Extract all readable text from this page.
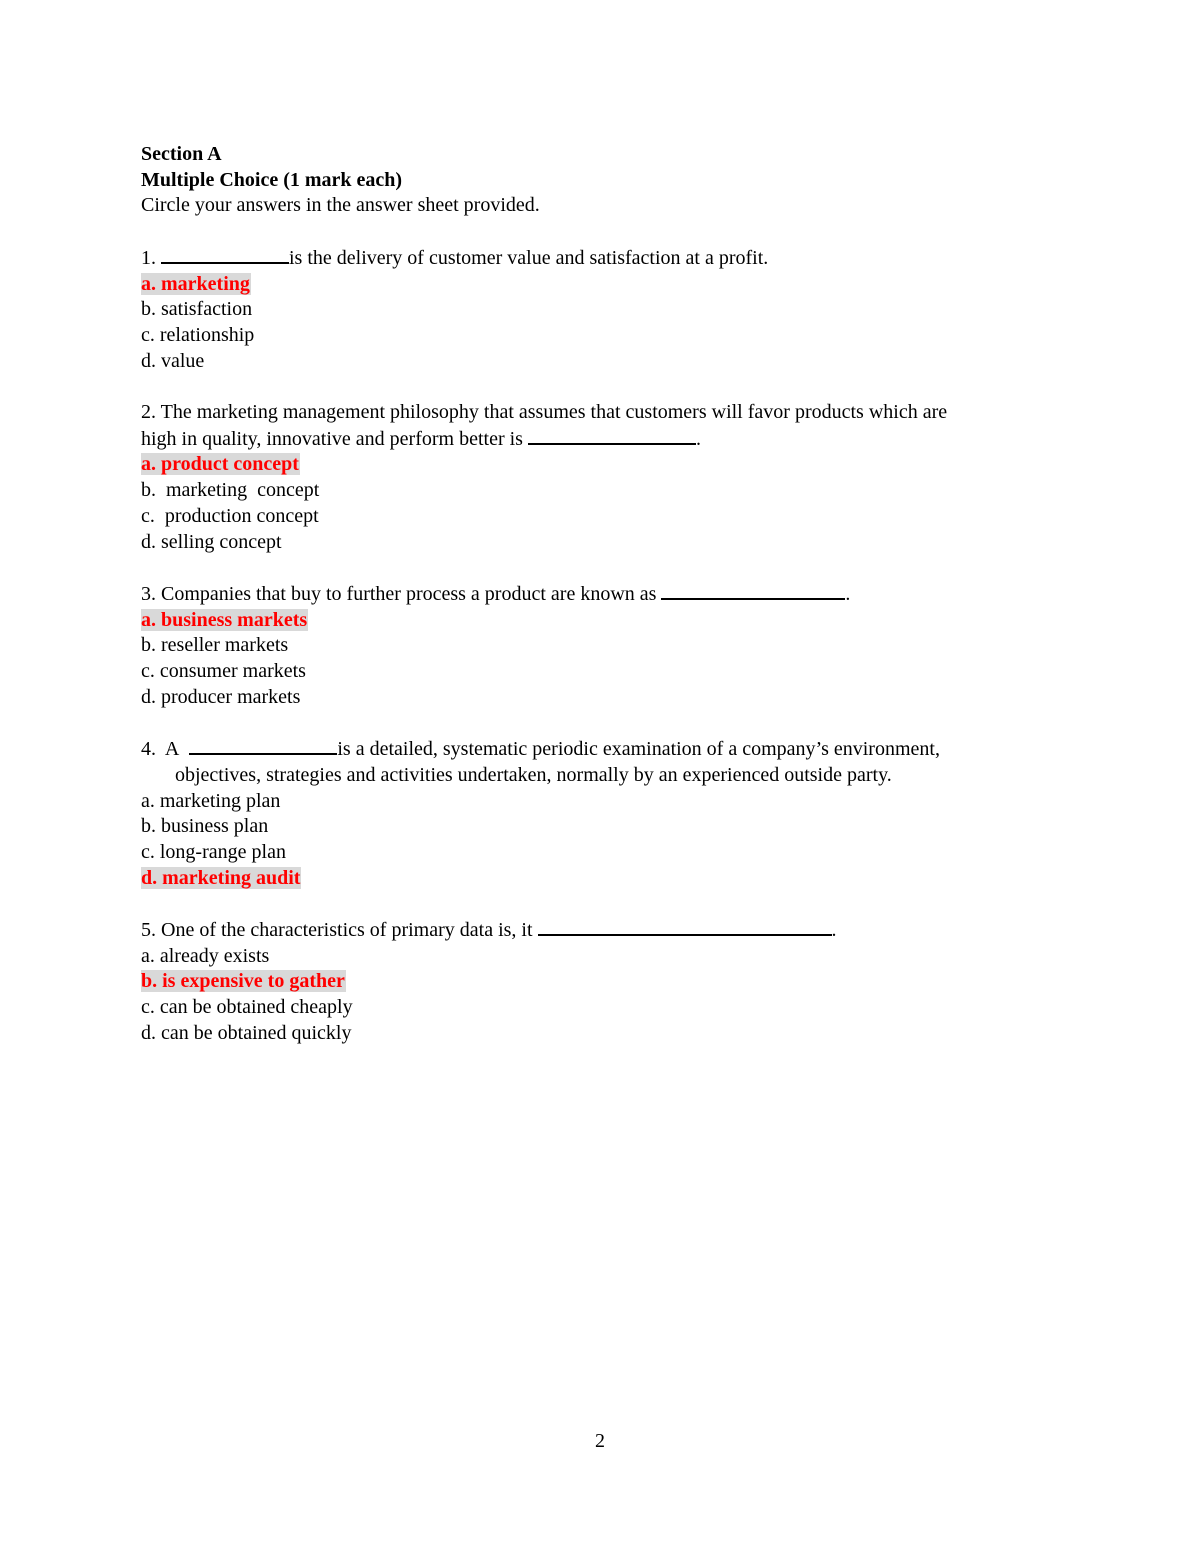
Section A
Multiple Choice (1 mark each)
Circle your answers in the answer sheet provided.
1.	is the delivery of customer value and satisfaction at a profit.
a. marketing
b. satisfaction
c. relationship
d. value
2. The marketing management philosophy that assumes that customers will favor products which are
high in quality, innovative and perform better is	.
a. product concept
b.  marketing  concept
c.  production concept
d. selling concept
3. Companies that buy to further process a product are known as	.
a. business markets
b. reseller markets
c. consumer markets
d. producer markets
4. A	is a detailed, systematic periodic examination of a company’s environment,
objectives, strategies and activities undertaken, normally by an experienced outside party.
a. marketing plan
b. business plan
c. long-range plan
d. marketing audit
5. One of the characteristics of primary data is, it	.
a. already exists
b. is expensive to gather
c. can be obtained cheaply
d. can be obtained quickly
2
